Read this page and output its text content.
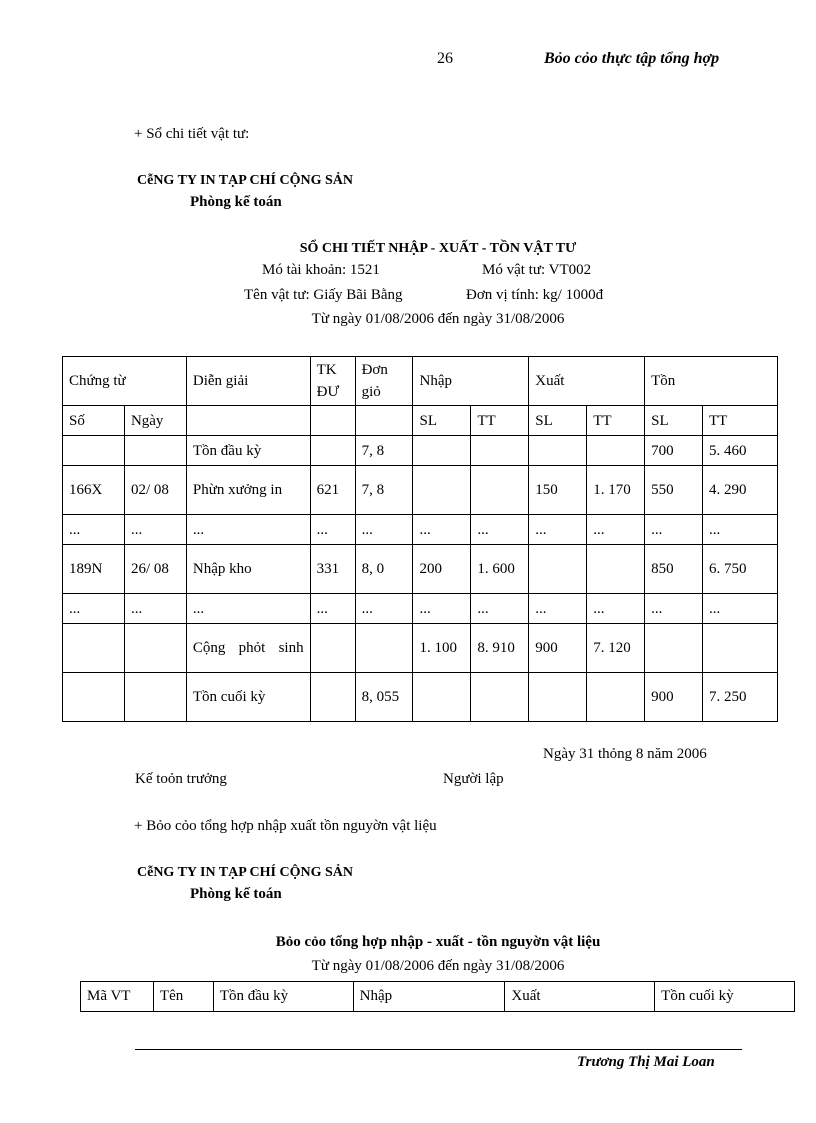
26	Bỏo cỏo thực tập tổng hợp
+ Sổ chi tiết vật tư:
CễNG TY IN TẠP CHÍ CỘNG SẢN
Phòng kế toán
SỔ CHI TIẾT NHẬP - XUẤT - TỒN VẬT TƯ
Mó tài khoản: 1521	Mó vật tư: VT002
Tên vật tư: Giấy Bãi Bằng	Đơn vị tính: kg/ 1000đ
Từ ngày 01/08/2006 đến ngày 31/08/2006
Chứng từ		Diễn giải	TK ĐƯ	Đơn giỏ	Nhập		Xuất		Tồn	
Số	Ngày				SL	TT	SL	TT	SL	TT
		Tồn đầu kỳ		7, 8					700	5. 460
166X	02/ 08	Phừn xưởng in	621	7, 8			150	1. 170	550	4. 290
...	...	...	...	...	...	...	...	...	...	...
189N	26/ 08	Nhập kho	331	8, 0	200	1. 600			850	6. 750
...	...	...	...	...	...	...	...	...	...	...
		Cộng phỏt sinh			1. 100	8. 910	900	7. 120		
		Tồn cuối kỳ		8, 055					900	7. 250
Ngày 31 thỏng 8 năm 2006
Kế toỏn trưởng	Người lập
+ Bỏo cỏo tổng hợp nhập xuất tồn nguyờn vật liệu
CễNG TY IN TẠP CHÍ CỘNG SẢN
Phòng kế toán
Bỏo cỏo tổng hợp nhập - xuất - tồn nguyờn vật liệu
Từ ngày 01/08/2006 đến ngày 31/08/2006
Mã VT	Tên	Tồn đầu kỳ	Nhập	Xuất	Tồn cuối kỳ
Trương Thị Mai Loan
